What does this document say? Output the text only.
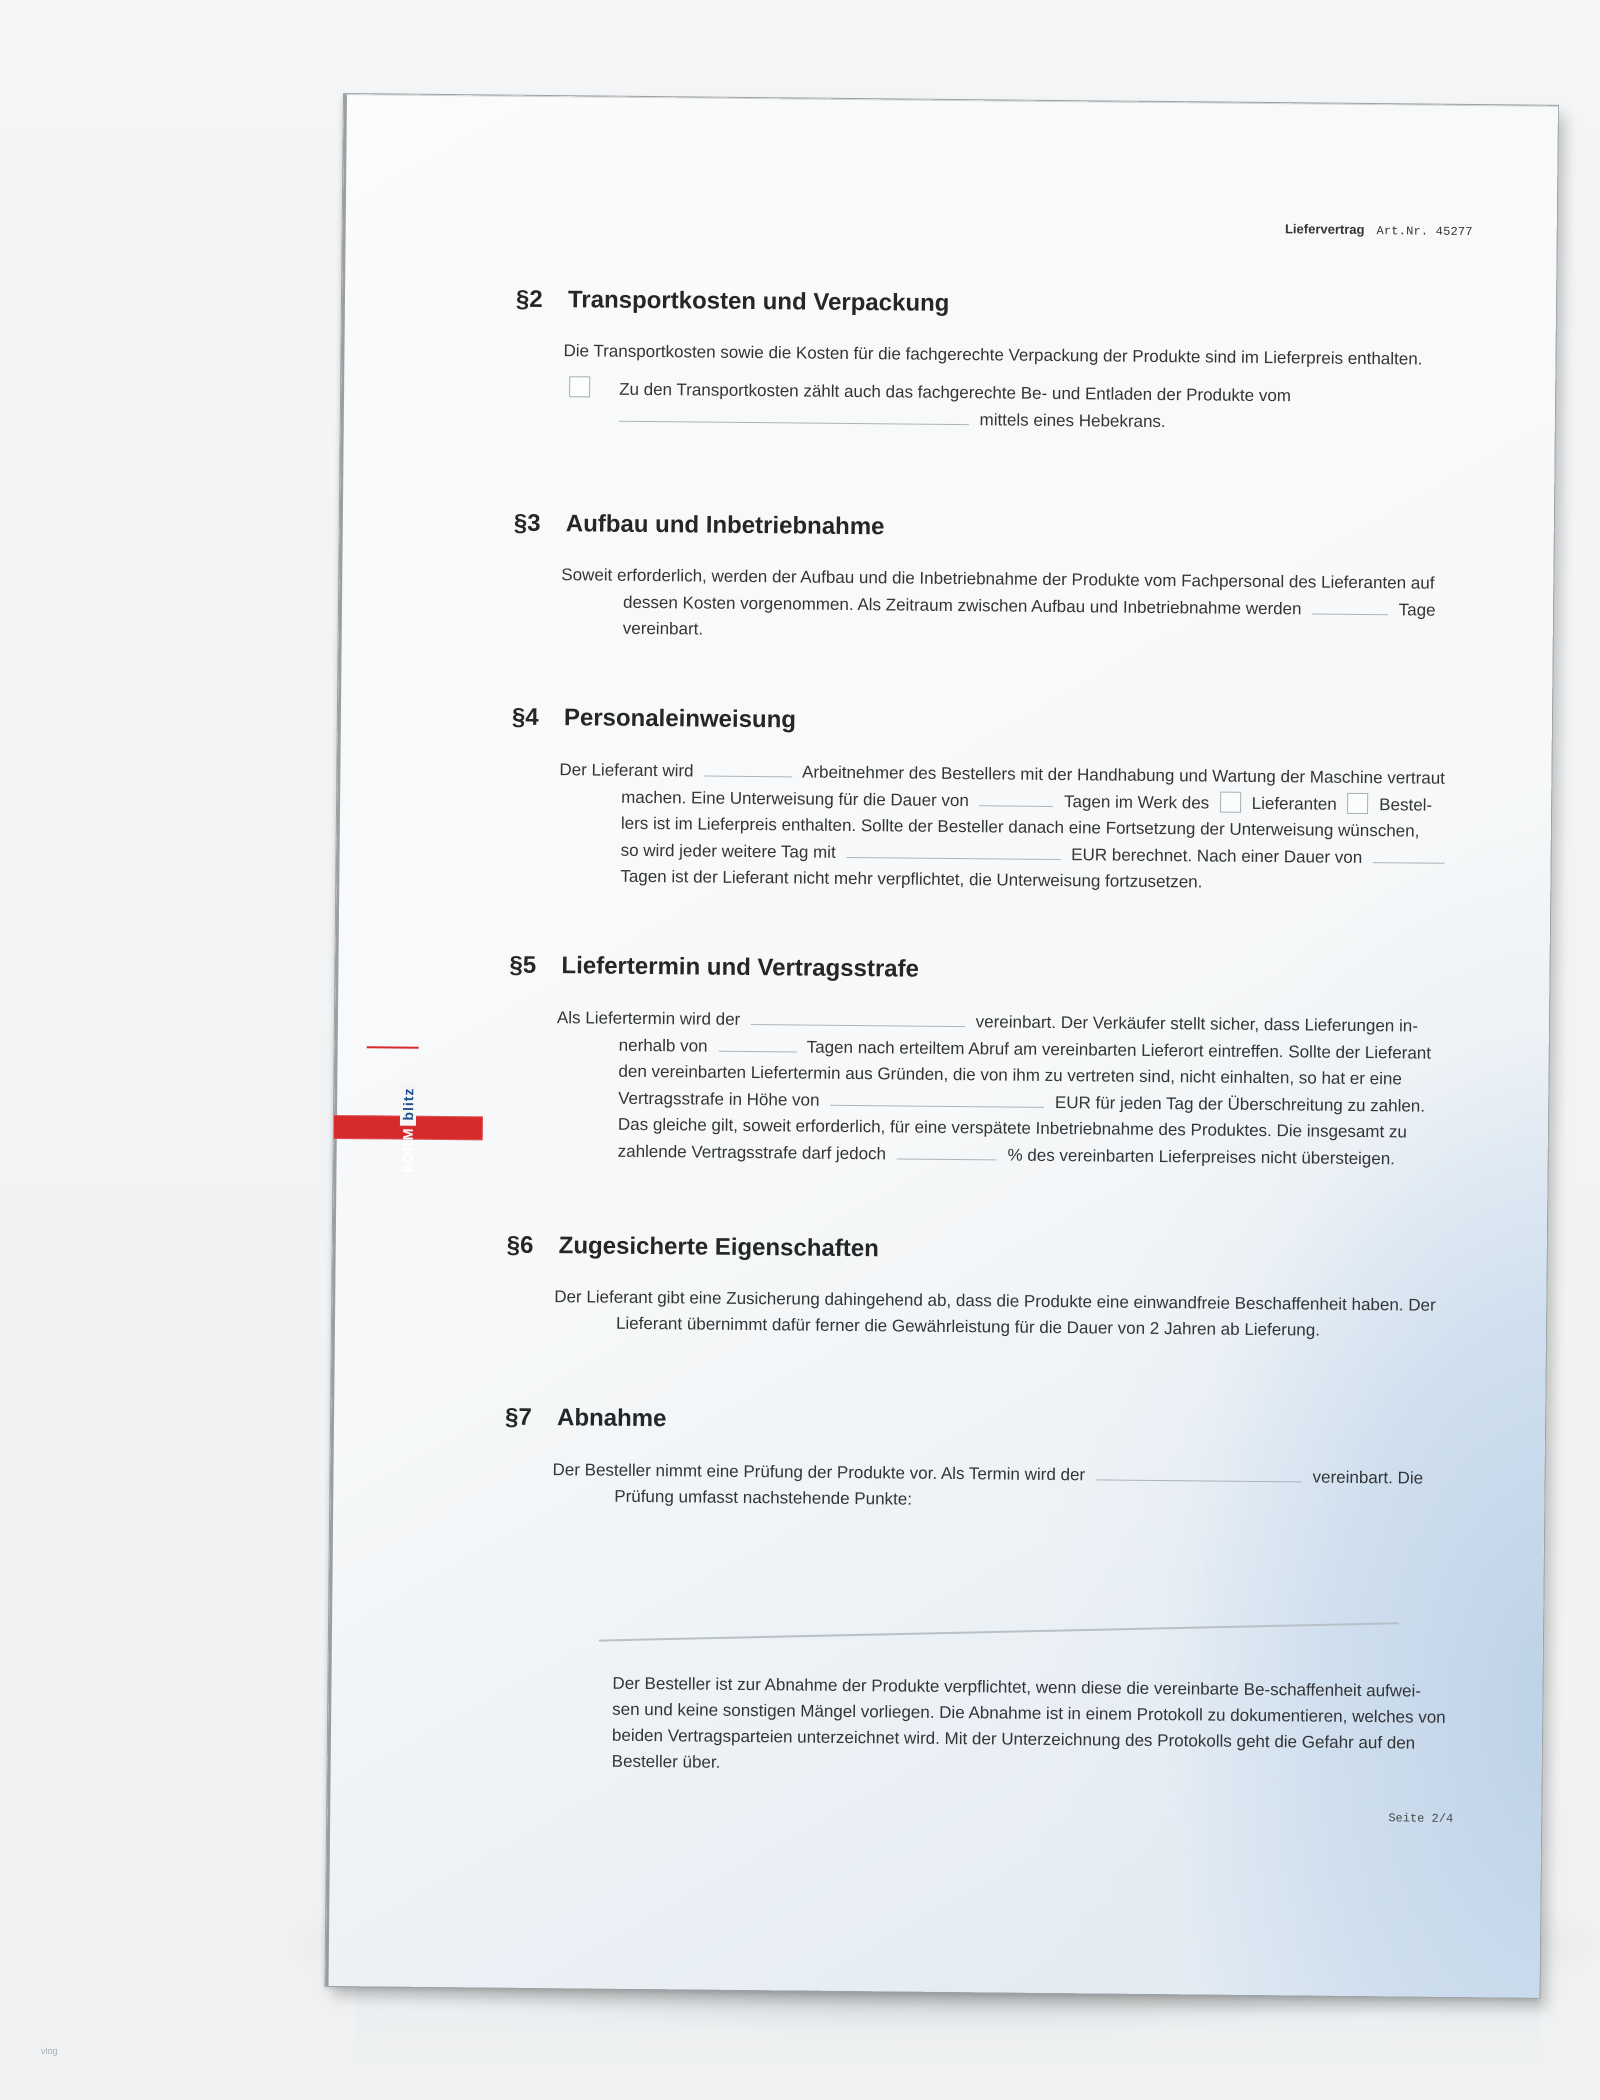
Liefervertrag Art.Nr. 45277
FORM
blitz
§2 Transportkosten und Verpackung
Die Transportkosten sowie die Kosten für die fachgerechte Verpackung der Produkte sind im Lieferpreis enthalten.
Zu den Transportkosten zählt auch das fachgerechte Be- und Entladen der Produkte vom
mittels eines Hebekrans.
§3 Aufbau und Inbetriebnahme
Soweit erforderlich, werden der Aufbau und die Inbetriebnahme der Produkte vom Fachpersonal des Lieferanten auf
dessen Kosten vorgenommen. Als Zeitraum zwischen Aufbau und Inbetriebnahme werden	Tage
vereinbart.
§4 Personaleinweisung
Der Lieferant wird	Arbeitnehmer des Bestellers mit der Handhabung und Wartung der Maschine vertraut
machen. Eine Unterweisung für die Dauer von	Tagen im Werk des Lieferanten Bestel-
lers ist im Lieferpreis enthalten. Sollte der Besteller danach eine Fortsetzung der Unterweisung wünschen,
so wird jeder weitere Tag mit	EUR berechnet. Nach einer Dauer von
Tagen ist der Lieferant nicht mehr verpflichtet, die Unterweisung fortzusetzen.
§5 Liefertermin und Vertragsstrafe
Als Liefertermin wird der	vereinbart. Der Verkäufer stellt sicher, dass Lieferungen in-
nerhalb von	Tagen nach erteiltem Abruf am vereinbarten Lieferort eintreffen. Sollte der Lieferant
den vereinbarten Liefertermin aus Gründen, die von ihm zu vertreten sind, nicht einhalten, so hat er eine
Vertragsstrafe in Höhe von	EUR für jeden Tag der Überschreitung zu zahlen.
Das gleiche gilt, soweit erforderlich, für eine verspätete Inbetriebnahme des Produktes. Die insgesamt zu
zahlende Vertragsstrafe darf jedoch	% des vereinbarten Lieferpreises nicht übersteigen.
§6 Zugesicherte Eigenschaften
Der Lieferant gibt eine Zusicherung dahingehend ab, dass die Produkte eine einwandfreie Beschaffenheit haben. Der
Lieferant übernimmt dafür ferner die Gewährleistung für die Dauer von 2 Jahren ab Lieferung.
§7 Abnahme
Der Besteller nimmt eine Prüfung der Produkte vor. Als Termin wird der	vereinbart. Die
Prüfung umfasst nachstehende Punkte:
Der Besteller ist zur Abnahme der Produkte verpflichtet, wenn diese die vereinbarte Be-schaffenheit aufwei-
sen und keine sonstigen Mängel vorliegen. Die Abnahme ist in einem Protokoll zu dokumentieren, welches von
beiden Vertragsparteien unterzeichnet wird. Mit der Unterzeichnung des Protokolls geht die Gefahr auf den
Besteller über.
Seite 2/4
vlog
